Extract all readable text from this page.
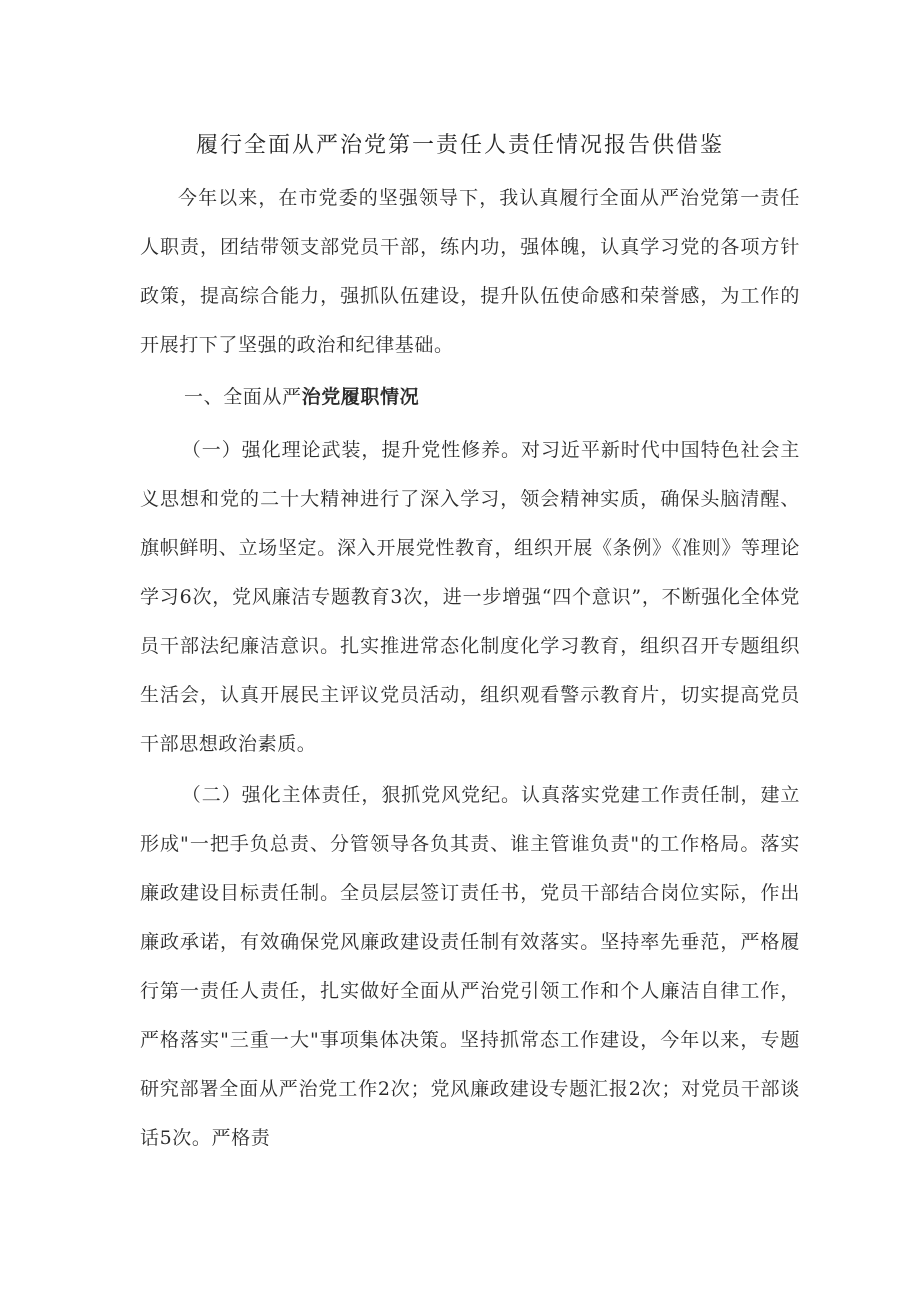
履行全面从严治党第一责任人责任情况报告供借鉴

今年以来，在市党委的坚强领导下，我认真履行全面从严治党第一责任人职责，团结带领支部党员干部，练内功，强体魄，认真学习党的各项方针政策，提高综合能力，强抓队伍建设，提升队伍使命感和荣誉感，为工作的开展打下了坚强的政治和纪律基础。

一、全面从严治党履职情况

（一）强化理论武装，提升党性修养。对习近平新时代中国特色社会主义思想和党的二十大精神进行了深入学习，领会精神实质，确保头脑清醒、旗帜鲜明、立场坚定。深入开展党性教育，组织开展《条例》《准则》等理论学习6次，党风廉洁专题教育3次，进一步增强“四个意识”，不断强化全体党员干部法纪廉洁意识。扎实推进常态化制度化学习教育，组织召开专题组织生活会，认真开展民主评议党员活动，组织观看警示教育片，切实提高党员干部思想政治素质。

（二）强化主体责任，狠抓党风党纪。认真落实党建工作责任制，建立形成"一把手负总责、分管领导各负其责、谁主管谁负责"的工作格局。落实廉政建设目标责任制。全员层层签订责任书，党员干部结合岗位实际，作出廉政承诺，有效确保党风廉政建设责任制有效落实。坚持率先垂范，严格履行第一责任人责任，扎实做好全面从严治党引领工作和个人廉洁自律工作，严格落实"三重一大"事项集体决策。坚持抓常态工作建设，今年以来，专题研究部署全面从严治党工作2次；党风廉政建设专题汇报2次；对党员干部谈话5次。严格责
